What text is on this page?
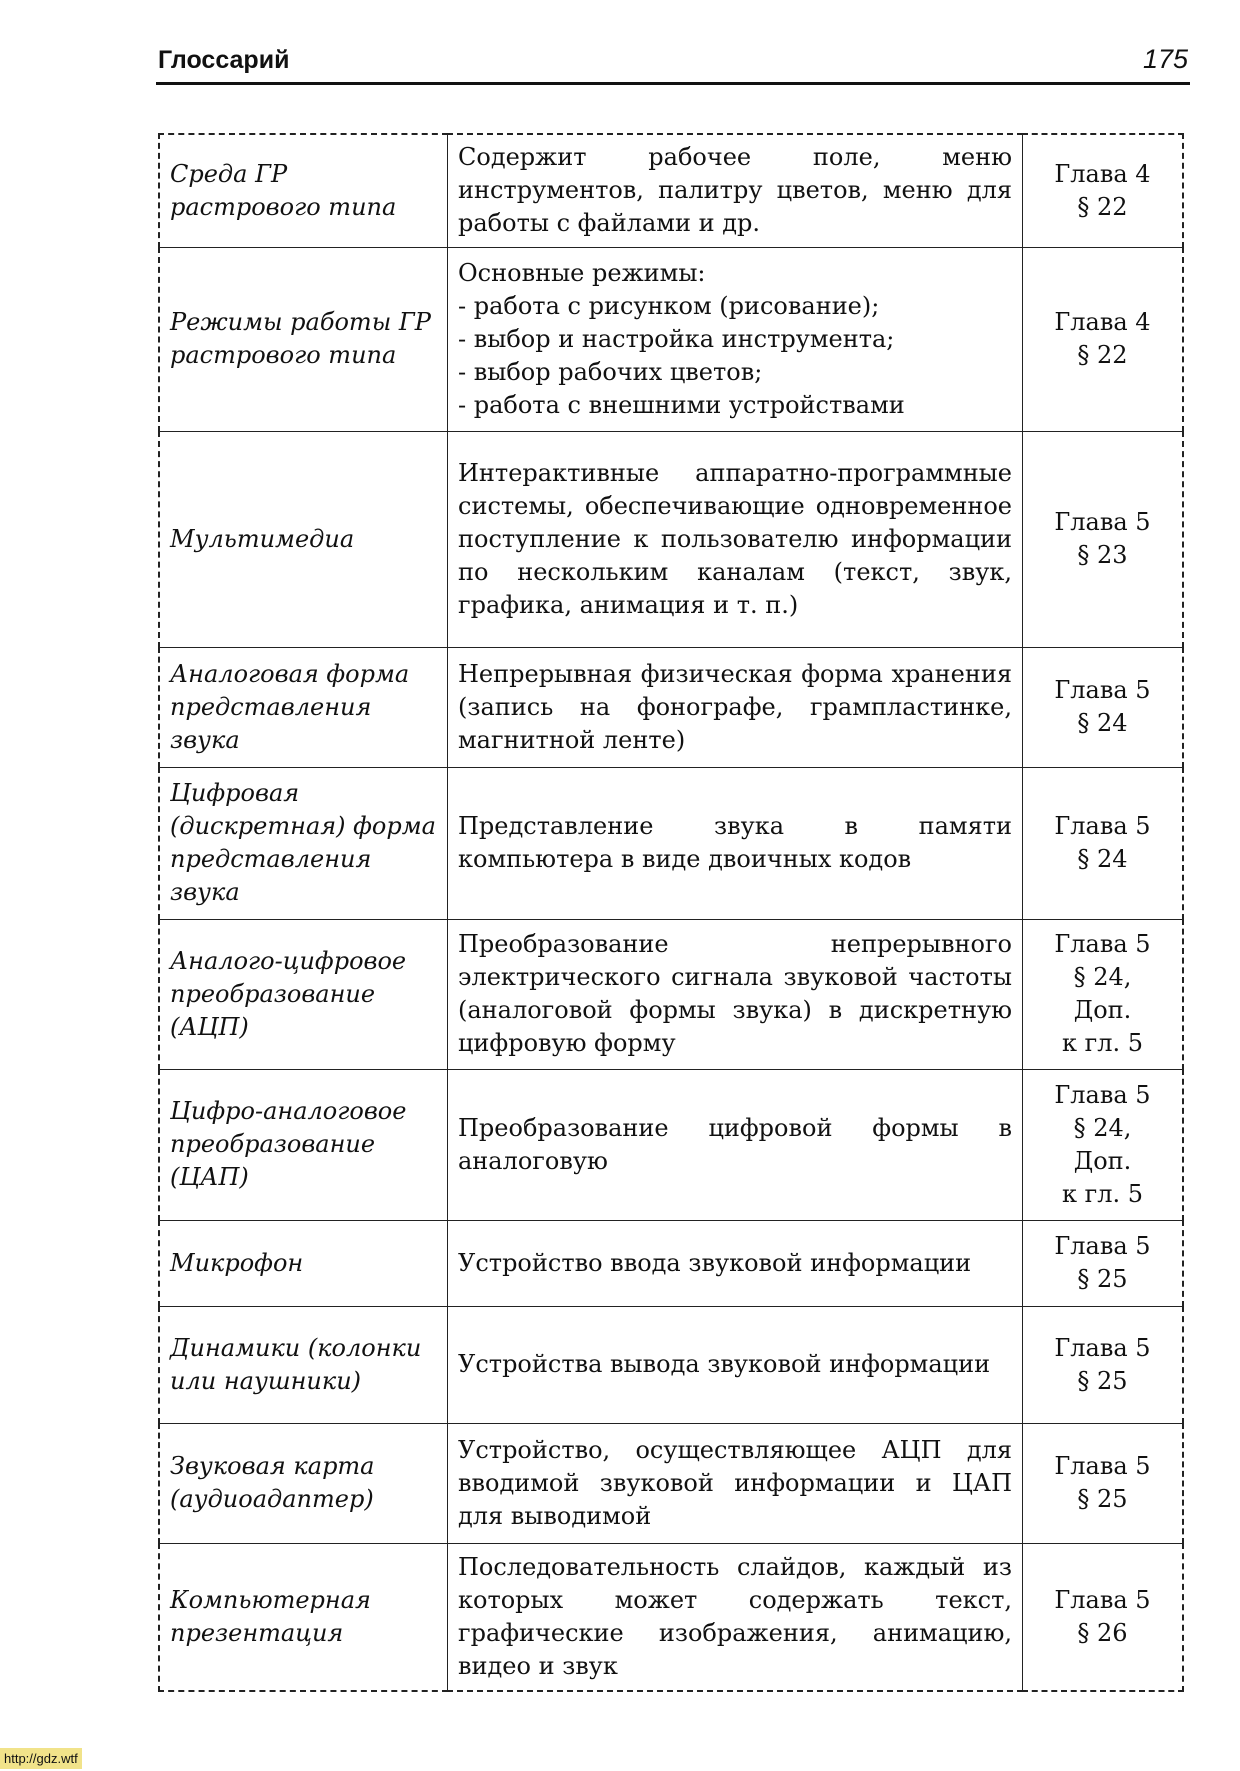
Глоссарий	175
Среда ГР растрового типа	Содержит рабочее поле, меню инструментов, палитру цветов, меню для работы с файлами и др.	Глава 4
§ 22

Режимы работы ГР растрового типа	Основные режимы:
- работа с рисунком (рисование);
- выбор и настройка инструмента;
- выбор рабочих цветов;
- работа с внешними устройствами	Глава 4
§ 22

Мультимедиа	Интерактивные аппаратно-программные системы, обеспечивающие одновременное поступление к пользователю информации по нескольким каналам (текст, звук, графика, анимация и т. п.)	Глава 5
§ 23

Аналоговая форма представления звука	Непрерывная физическая форма хранения (запись на фонографе, грампластинке, магнитной ленте)	Глава 5
§ 24

Цифровая (дискретная) форма представления звука	Представление звука в памяти компьютера в виде двоичных кодов	Глава 5
§ 24

Аналого-цифровое преобразование (АЦП)	Преобразование непрерывного электрического сигнала звуковой частоты (аналоговой формы звука) в дискретную цифровую форму	Глава 5
§ 24,
Доп.
к гл. 5

Цифро-аналоговое преобразование (ЦАП)	Преобразование цифровой формы в аналоговую	Глава 5
§ 24,
Доп.
к гл. 5

Микрофон	Устройство ввода звуковой информации	Глава 5
§ 25

Динамики (колонки или наушники)	Устройства вывода звуковой информации	Глава 5
§ 25

Звуковая карта (аудиоадаптер)	Устройство, осуществляющее АЦП для вводимой звуковой информации и ЦАП для выводимой	Глава 5
§ 25

Компьютерная презентация	Последовательность слайдов, каждый из которых может содержать текст, графические изображения, анимацию, видео и звук	Глава 5
§ 26
http://gdz.wtf
